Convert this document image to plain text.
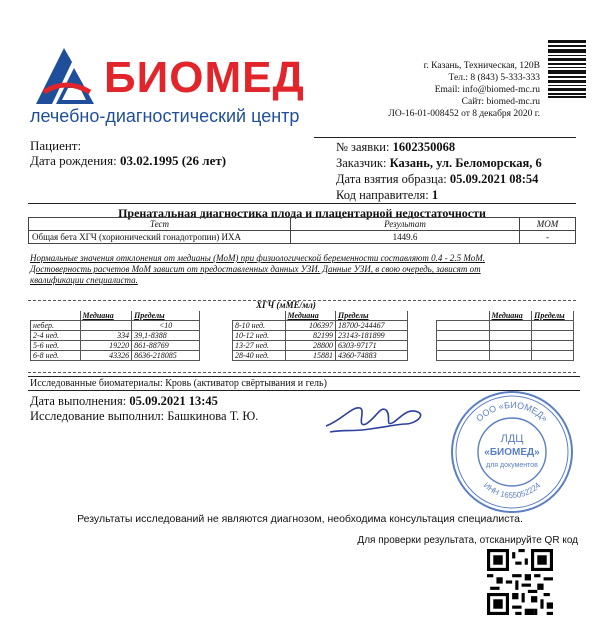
БИОМЕД
лечебно-диагностический центр
г. Казань, Техническая, 120В
Тел.: 8 (843) 5-333-333
Email: info@biomed-mc.ru
Сайт: biomed-mc.ru
ЛО-16-01-008452 от 8 декабря 2020 г.
Пациент:
Дата рождения: 03.02.1995 (26 лет)
№ заявки: 1602350068
Заказчик: Казань, ул. Беломорская, 6
Дата взятия образца: 05.09.2021 08:54
Код направителя: 1
Пренатальная диагностика плода и плацентарной недостаточности
Тест	Результат	МОМ
Общая бета ХГЧ (хорионический гонадотропин) ИХА	1449.6	-
Нормальные значения отклонения от медианы (МоМ) при физиологической беременности составляют 0.4 - 2.5 МоМ.
Достоверность расчетов МоМ зависит от предоставленных данных УЗИ. Данные УЗИ, в свою очередь, зависят от
квалификации специалиста.
ХГЧ (мМЕ/мл)
	Медиана	Пределы
небер.		<10
2-4 нед.	334	39,1-8388
5-6 нед.	19220	861-88769
6-8 нед.	43326	8636-218085
	Медиана	Пределы
8-10 нед.	106397	18700-244467
10-12 нед.	82199	23143-181899
13-27 нед.	28800	6303-97171
28-40 нед.	15881	4360-74883
	Медиана	Пределы

Исследованные биоматериалы: Кровь (активатор свёртывания и гель)
Дата выполнения: 05.09.2021 13:45
Исследование выполнил: Башкинова Т. Ю.	ООО «БИОМЕД»
ИНН 1655052224
ЛДЦ
«БИОМЕД»
для документов
Результаты исследований не являются диагнозом, необходима консультация специалиста.
Для проверки результата, отсканируйте QR код
